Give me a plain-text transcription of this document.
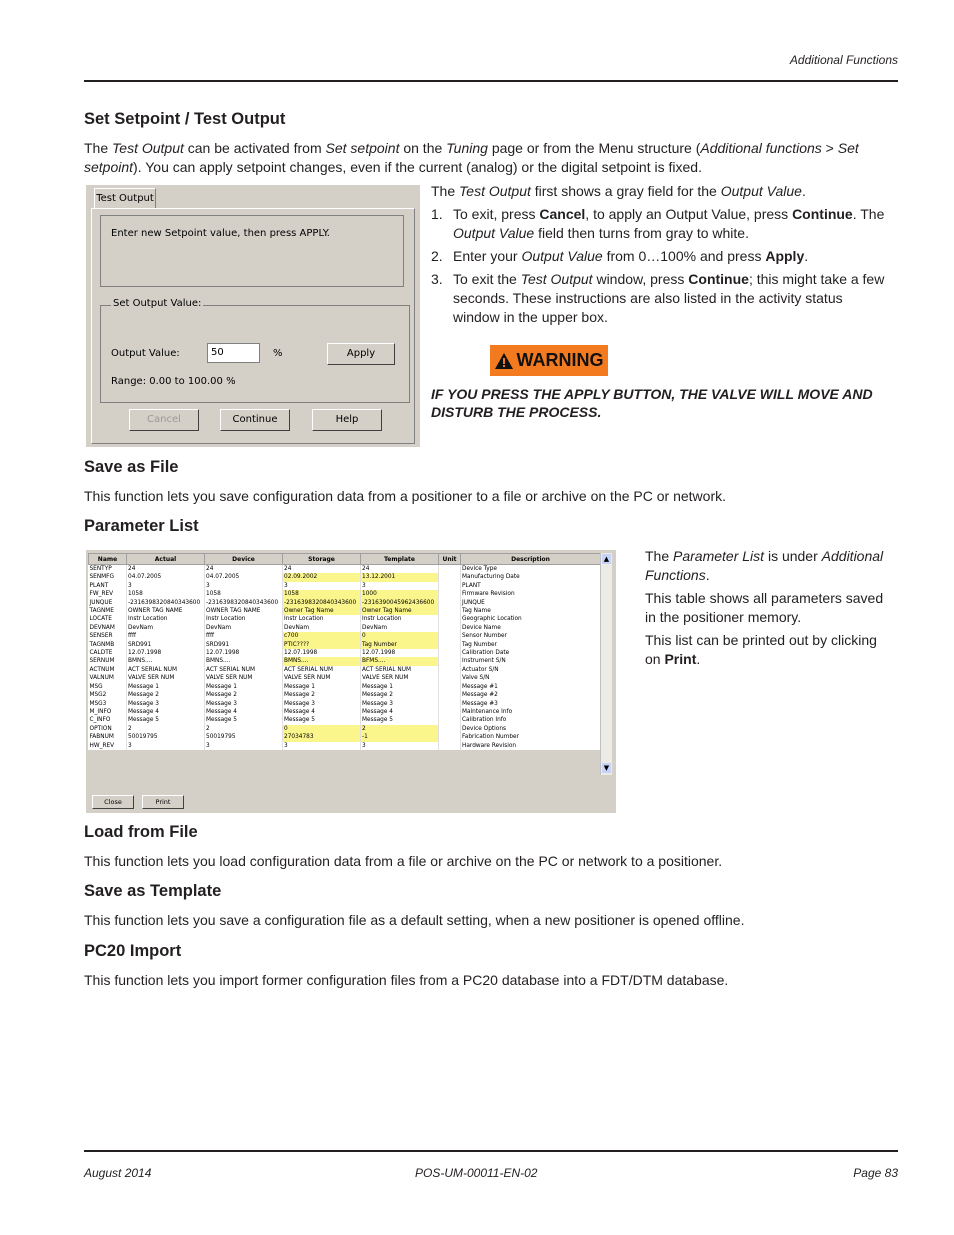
Additional Functions
Set Setpoint / Test Output
The Test Output can be activated from Set setpoint on the Tuning page or from the Menu structure (Additional functions > Set setpoint). You can apply setpoint changes, even if the current (analog) or the digital setpoint is fixed.
Test Output
Enter new Setpoint value, then press APPLY.
Set Output Value:
Output Value:	50	%	Apply
Range: 0.00 to 100.00 %
Cancel	Continue	Help

The Test Output first shows a gray field for the Output Value.

1. To exit, press Cancel, to apply an Output Value, press Continue. The Output Value field then turns from gray to white.
2. Enter your Output Value from 0…100% and press Apply.
3. To exit the Test Output window, press Continue; this might take a few seconds. These instructions are also listed in the activity status window in the upper box.
WARNING
IF YOU PRESS THE APPLY BUTTON, THE VALVE WILL MOVE AND DISTURB THE PROCESS.
Save as File
This function lets you save configuration data from a positioner to a file or archive on the PC or network.
Parameter List
Name	Actual	Device	Storage	Template	Unit	Description
SENTYP	24	24	24	24		Device Type
SENMFG	04.07.2005	04.07.2005	02.09.2002	13.12.2001		Manufacturing Date
PLANT	3	3	3	3		PLANT
FW_REV	1058	1058	1058	1000		Firmware Revision
JUNQUE	-2316398320840343600	-2316398320840343600	-2316398320840343600	-2316390045962436600		JUNQUE
TAGNME	OWNER TAG NAME	OWNER TAG NAME	Owner Tag Name	Owner Tag Name		Tag Name
LOCATE	Instr Location	Instr Location	Instr Location	Instr Location		Geographic Location
DEVNAM	DevNam	DevNam	DevNam	DevNam		Device Name
SENSER	ffff	ffff	c700	0		Sensor Number
TAGNMB	SRD991	SRD991	PTIC????	Tag Number		Tag Number
CALDTE	12.07.1998	12.07.1998	12.07.1998	12.07.1998		Calibration Date
SERNUM	BMNS....	BMNS....	BMNS....	BFMS....		Instrument S/N
ACTNUM	ACT SERIAL NUM	ACT SERIAL NUM	ACT SERIAL NUM	ACT SERIAL NUM		Actuator S/N
VALNUM	VALVE SER NUM	VALVE SER NUM	VALVE SER NUM	VALVE SER NUM		Valve S/N
MSG	Message 1	Message 1	Message 1	Message 1		Message #1
MSG2	Message 2	Message 2	Message 2	Message 2		Message #2
MSG3	Message 3	Message 3	Message 3	Message 3		Message #3
M_INFO	Message 4	Message 4	Message 4	Message 4		Maintenance Info
C_INFO	Message 5	Message 5	Message 5	Message 5		Calibration Info
OPTION	2	2	0	2		Device Options
FABNUM	50019795	50019795	27034783	-1		Fabrication Number
HW_REV	3	3	3	3		Hardware Revision
▲
▼
Close	Print

The Parameter List is under Additional Functions.

This table shows all parameters saved in the positioner memory.

This list can be printed out by clicking on Print.

Load from File
This function lets you load configuration data from a file or archive on the PC or network to a positioner.
Save as Template
This function lets you save a configuration file as a default setting, when a new positioner is opened offline.
PC20 Import
This function lets you import former configuration files from a PC20 database into a FDT/DTM database.
August 2014	POS-UM-00011-EN-02	Page 83
